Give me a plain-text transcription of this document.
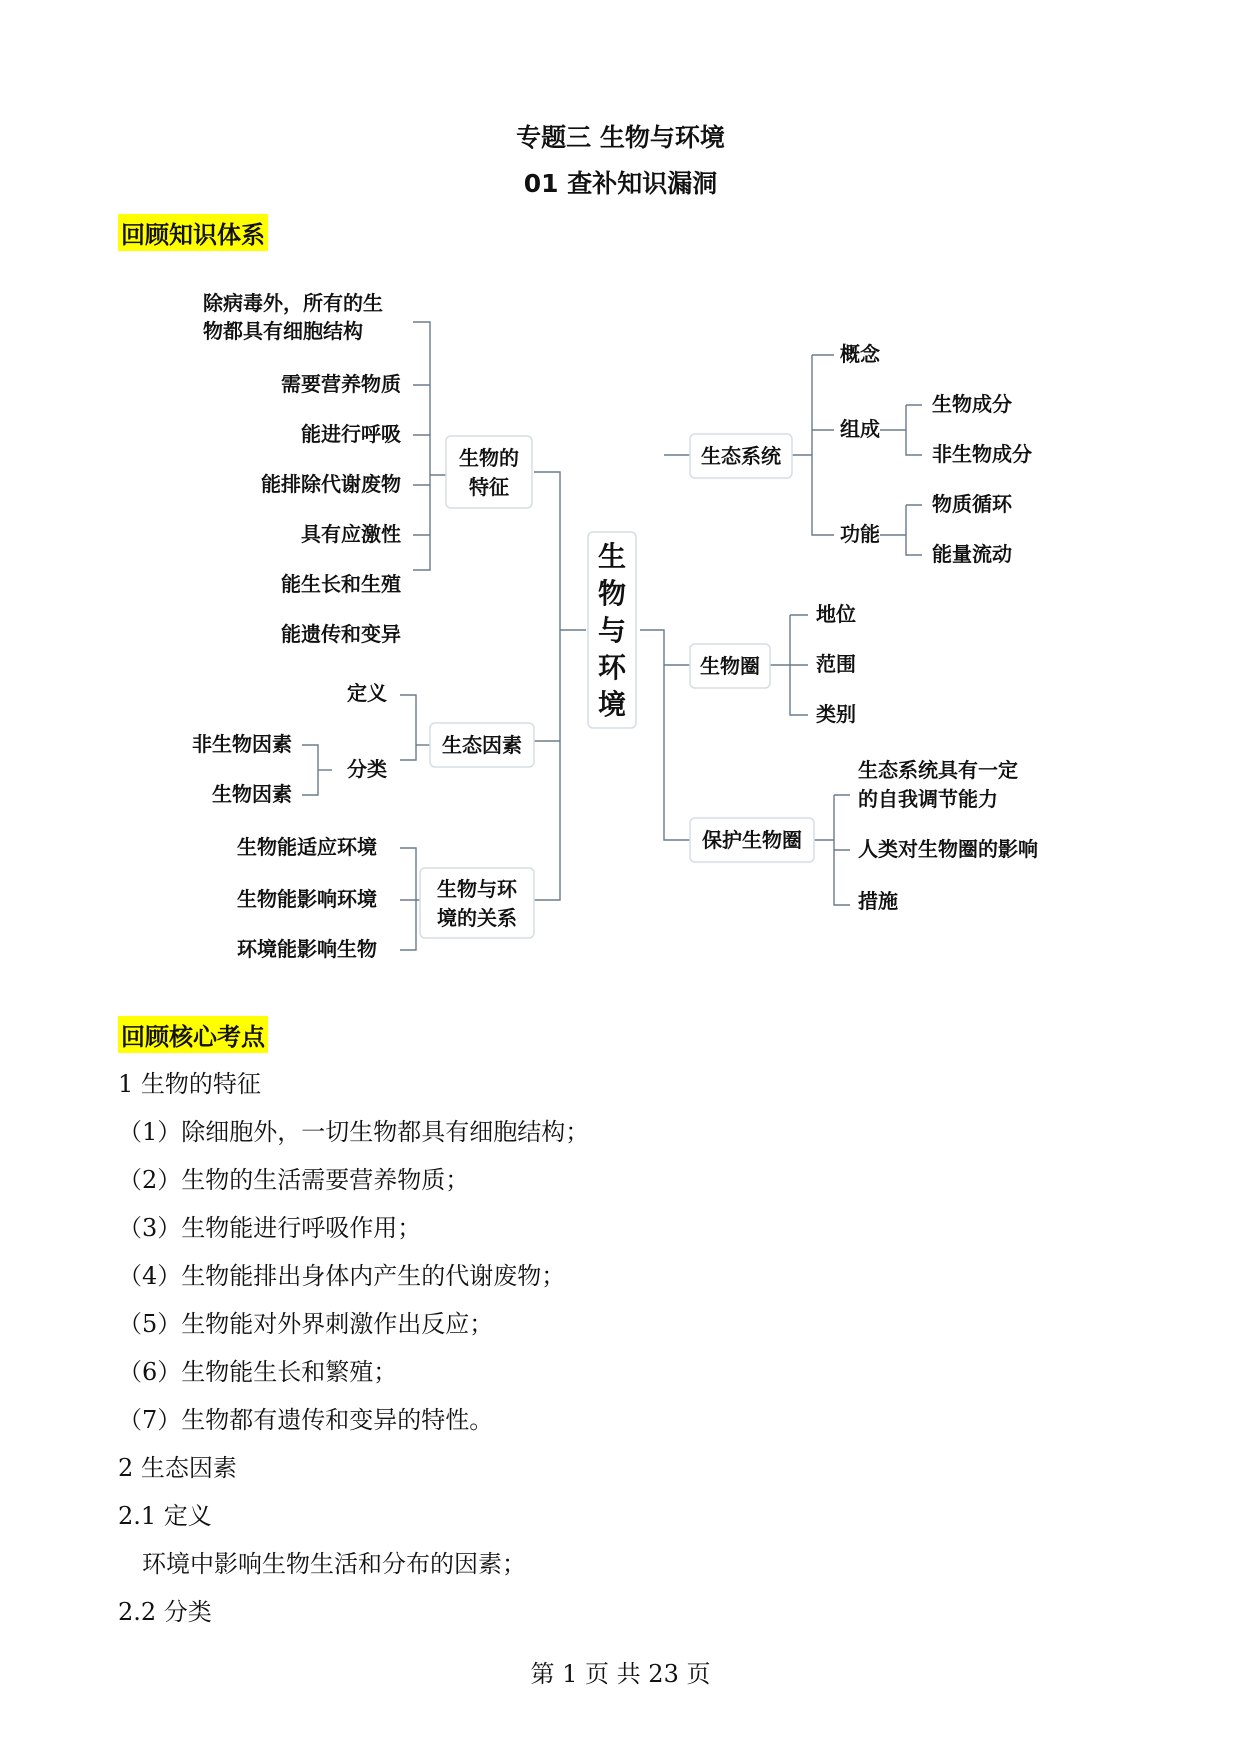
专题三 生物与环境
01 查补知识漏洞
回顾知识体系
生
物
与
环
境
生物的
特征
除病毒外，所有的生
物都具有细胞结构
需要营养物质
能进行呼吸
能排除代谢废物
具有应激性
能生长和生殖
能遗传和变异
生态因素
定义
分类
非生物因素
生物因素
生物与环
境的关系
生物能适应环境
生物能影响环境
环境能影响生物
生态系统
概念
组成
生物成分
非生物成分
功能
物质循环
能量流动
生物圈
地位
范围
类别
保护生物圈
生态系统具有一定
的自我调节能力
人类对生物圈的影响
措施
回顾核心考点
1 生物的特征
（1）除细胞外，一切生物都具有细胞结构；
（2）生物的生活需要营养物质；
（3）生物能进行呼吸作用；
（4）生物能排出身体内产生的代谢废物；
（5）生物能对外界刺激作出反应；
（6）生物能生长和繁殖；
（7）生物都有遗传和变异的特性。
2 生态因素
2.1 定义
环境中影响生物生活和分布的因素；
2.2 分类
第 1 页 共 23 页
